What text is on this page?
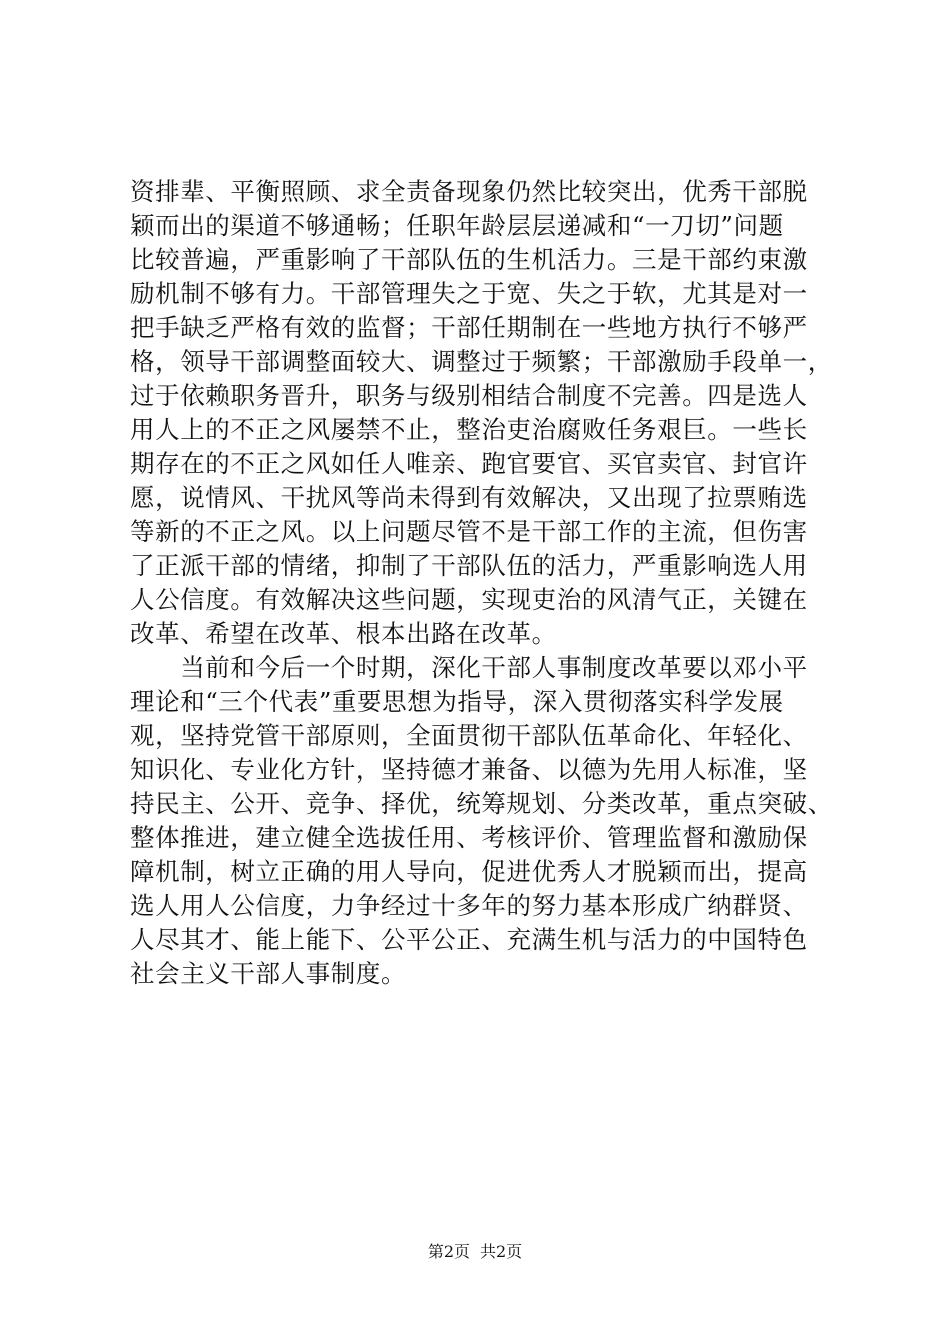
资排辈、平衡照顾、求全责备现象仍然比较突出，优秀干部脱
颖而出的渠道不够通畅；任职年龄层层递减和“一刀切”问题
比较普遍，严重影响了干部队伍的生机活力。三是干部约束激
励机制不够有力。干部管理失之于宽、失之于软，尤其是对一
把手缺乏严格有效的监督；干部任期制在一些地方执行不够严
格，领导干部调整面较大、调整过于频繁；干部激励手段单一，
过于依赖职务晋升，职务与级别相结合制度不完善。四是选人
用人上的不正之风屡禁不止，整治吏治腐败任务艰巨。一些长
期存在的不正之风如任人唯亲、跑官要官、买官卖官、封官许
愿，说情风、干扰风等尚未得到有效解决，又出现了拉票贿选
等新的不正之风。以上问题尽管不是干部工作的主流，但伤害
了正派干部的情绪，抑制了干部队伍的活力，严重影响选人用
人公信度。有效解决这些问题，实现吏治的风清气正，关键在
改革、希望在改革、根本出路在改革。
　　当前和今后一个时期，深化干部人事制度改革要以邓小平
理论和“三个代表”重要思想为指导，深入贯彻落实科学发展
观，坚持党管干部原则，全面贯彻干部队伍革命化、年轻化、
知识化、专业化方针，坚持德才兼备、以德为先用人标准，坚
持民主、公开、竞争、择优，统筹规划、分类改革，重点突破、
整体推进，建立健全选拔任用、考核评价、管理监督和激励保
障机制，树立正确的用人导向，促进优秀人才脱颖而出，提高
选人用人公信度，力争经过十多年的努力基本形成广纳群贤、
人尽其才、能上能下、公平公正、充满生机与活力的中国特色
社会主义干部人事制度。
第2页 共2页
